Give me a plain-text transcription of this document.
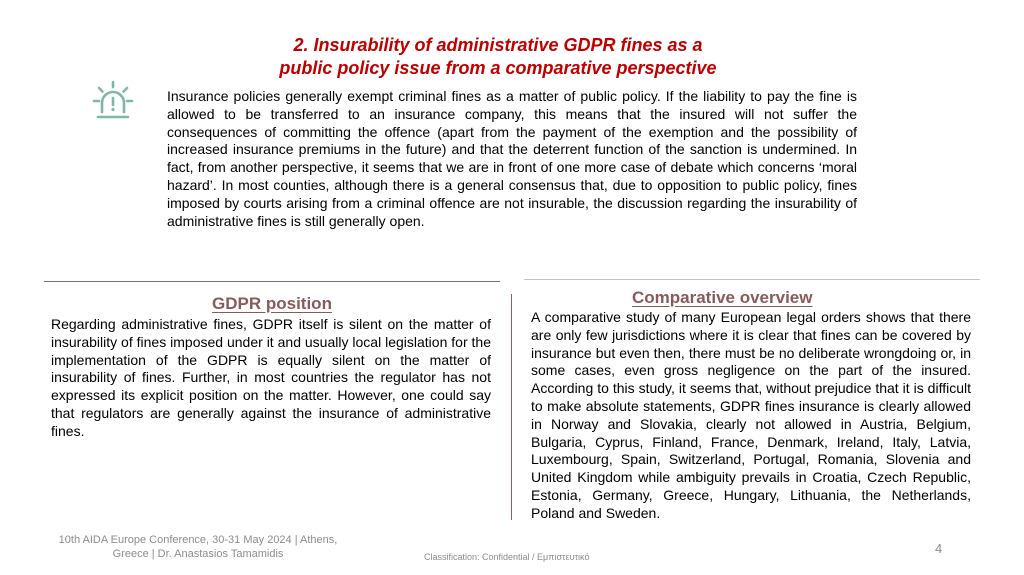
2. Insurability of administrative GDPR fines as a
public policy issue from a comparative perspective
Insurance policies generally exempt criminal fines as a matter of public policy. If the liability to pay the fine is allowed to be transferred to an insurance company, this means that the insured will not suffer the consequences of committing the offence (apart from the payment of the exemption and the possibility of increased insurance premiums in the future) and that the deterrent function of the sanction is undermined. In fact, from another perspective, it seems that we are in front of one more case of debate which concerns ‘moral hazard’. In most counties, although there is a general consensus that, due to opposition to public policy, fines imposed by courts arising from a criminal offence are not insurable, the discussion regarding the insurability of administrative fines is still generally open.
GDPR position
Regarding administrative fines, GDPR itself is silent on the matter of insurability of fines imposed under it and usually local legislation for the implementation of the GDPR is equally silent on the matter of insurability of fines. Further, in most countries the regulator has not expressed its explicit position on the matter. However, one could say that regulators are generally against the insurance of administrative fines.
Comparative overview
A comparative study of many European legal orders shows that there are only few jurisdictions where it is clear that fines can be covered by insurance but even then, there must be no deliberate wrongdoing or, in some cases, even gross negligence on the part of the insured. According to this study, it seems that, without prejudice that it is difficult to make absolute statements, GDPR fines insurance is clearly allowed in Norway and Slovakia, clearly not allowed in Austria, Belgium, Bulgaria, Cyprus, Finland, France, Denmark, Ireland, Italy, Latvia, Luxembourg, Spain, Switzerland, Portugal, Romania, Slovenia and United Kingdom while ambiguity prevails in Croatia, Czech Republic, Estonia, Germany, Greece, Hungary, Lithuania, the Netherlands, Poland and Sweden.
10th AIDA Europe Conference, 30-31 May 2024 | Athens, Greece | Dr. Anastasios Tamamidis	Classification: Confidential / Εμπιστευτικό
4
